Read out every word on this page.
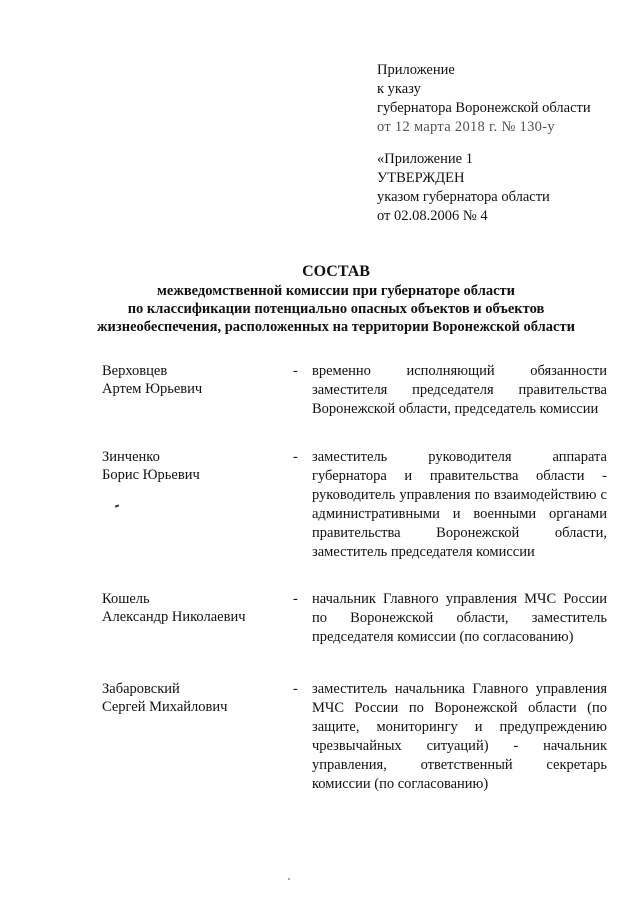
Приложение
к указу
губернатора Воронежской области
от 12 марта 2018 г. № 130-у
«Приложение 1
УТВЕРЖДЕН
указом губернатора области
от 02.08.2006 № 4
СОСТАВ
межведомственной комиссии при губернаторе области
по классификации потенциально опасных объектов и объектов
жизнеобеспечения, расположенных на территории Воронежской области
Верховцев
Артем Юрьевич
- временно исполняющий обязанности заместителя председателя правительства Воронежской области, председатель комиссии
Зинченко
Борис Юрьевич
- заместитель руководителя аппарата губернатора и правительства области - руководитель управления по взаимодействию с административными и военными органами правительства Воронежской области, заместитель председателя комиссии
Кошель
Александр Николаевич
- начальник Главного управления МЧС России по Воронежской области, заместитель председателя комиссии (по согласованию)
Забаровский
Сергей Михайлович
- заместитель начальника Главного управления МЧС России по Воронежской области (по защите, мониторингу и предупреждению чрезвычайных ситуаций) - начальник управления, ответственный секретарь комиссии (по согласованию)
